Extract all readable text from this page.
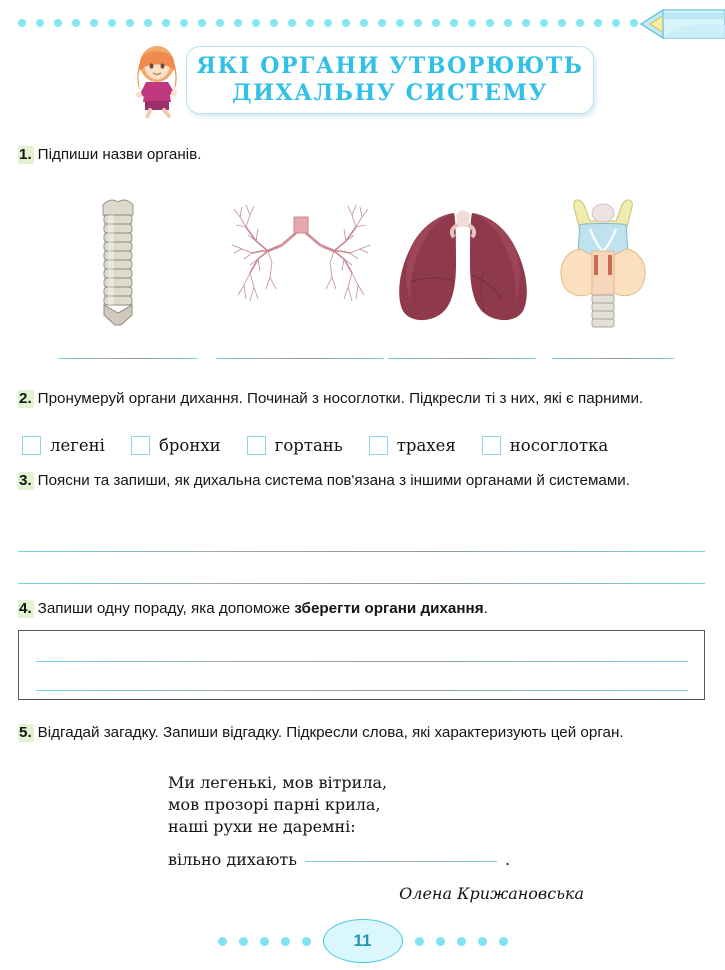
ЯКІ ОРГАНИ УТВОРЮЮТЬ
ДИХАЛЬНУ СИСТЕМУ
1. Підпиши назви органів.
2. Пронумеруй органи дихання. Починай з носоглотки. Підкресли ті з них, які є парними.
легені	бронхи	гортань	трахея	носоглотка
3. Поясни та запиши, як дихальна система пов'язана з іншими органами й системами.
4. Запиши одну пораду, яка допоможе зберегти органи дихання.
5. Відгадай загадку. Запиши відгадку. Підкресли слова, які характеризують цей орган.
Ми легенькі, мов вітрила,
мов прозорі парні крила,
наші рухи не даремні:
вільно дихають	.
Олена Крижановська
11
